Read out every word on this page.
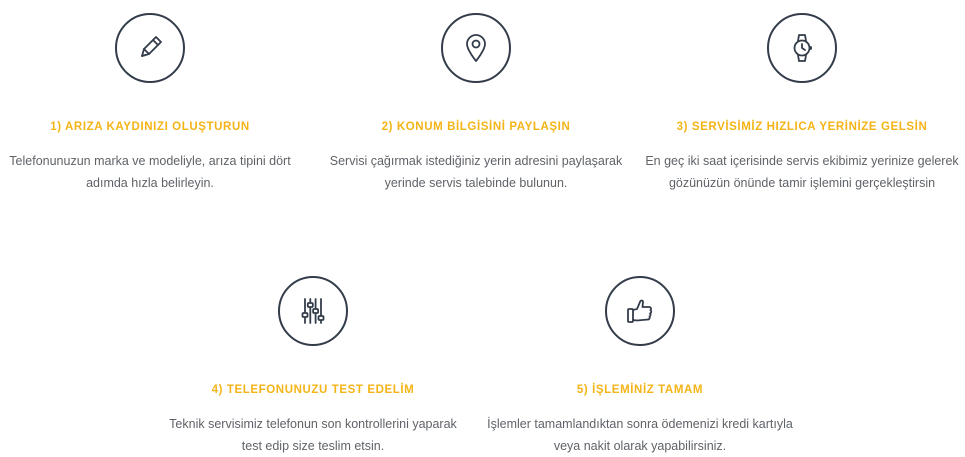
1) ARIZA KAYDINIZI OLUŞTURUN
Telefonunuzun marka ve modeliyle, arıza tipini dört
adımda hızla belirleyin.
2) KONUM BİLGİSİNİ PAYLAŞIN
Servisi çağırmak istediğiniz yerin adresini paylaşarak
yerinde servis talebinde bulunun.
3) SERVİSİMİZ HIZLICA YERİNİZE GELSİN
En geç iki saat içerisinde servis ekibimiz yerinize gelerek
gözünüzün önünde tamir işlemini gerçekleştirsin
4) TELEFONUNUZU TEST EDELİM
Teknik servisimiz telefonun son kontrollerini yaparak
test edip size teslim etsin.
5) İŞLEMİNİZ TAMAM
İşlemler tamamlandıktan sonra ödemenizi kredi kartıyla
veya nakit olarak yapabilirsiniz.
